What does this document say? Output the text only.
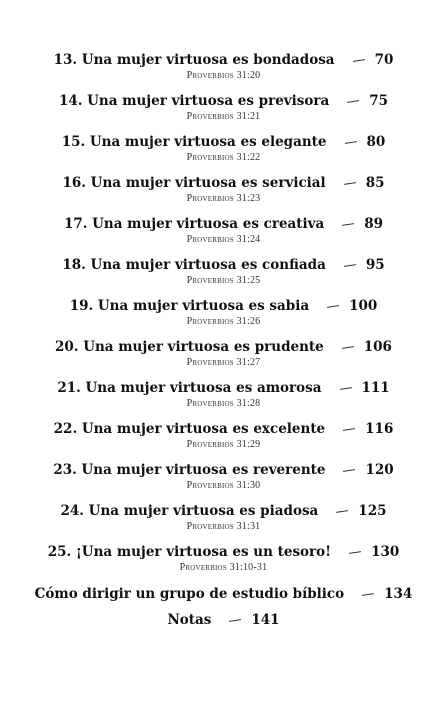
13. Una mujer virtuosa es bondadosa	70
Proverbios 31:20
14. Una mujer virtuosa es previsora	75
Proverbios 31:21
15. Una mujer virtuosa es elegante	80
Proverbios 31:22
16. Una mujer virtuosa es servicial	85
Proverbios 31:23
17. Una mujer virtuosa es creativa	89
Proverbios 31:24
18. Una mujer virtuosa es confiada	95
Proverbios 31:25
19. Una mujer virtuosa es sabia	100
Proverbios 31:26
20. Una mujer virtuosa es prudente	106
Proverbios 31:27
21. Una mujer virtuosa es amorosa	111
Proverbios 31:28
22. Una mujer virtuosa es excelente	116
Proverbios 31:29
23. Una mujer virtuosa es reverente	120
Proverbios 31:30
24. Una mujer virtuosa es piadosa	125
Proverbios 31:31
25. ¡Una mujer virtuosa es un tesoro!	130
Proverbios 31:10-31
Cómo dirigir un grupo de estudio bíblico	134
Notas	141
